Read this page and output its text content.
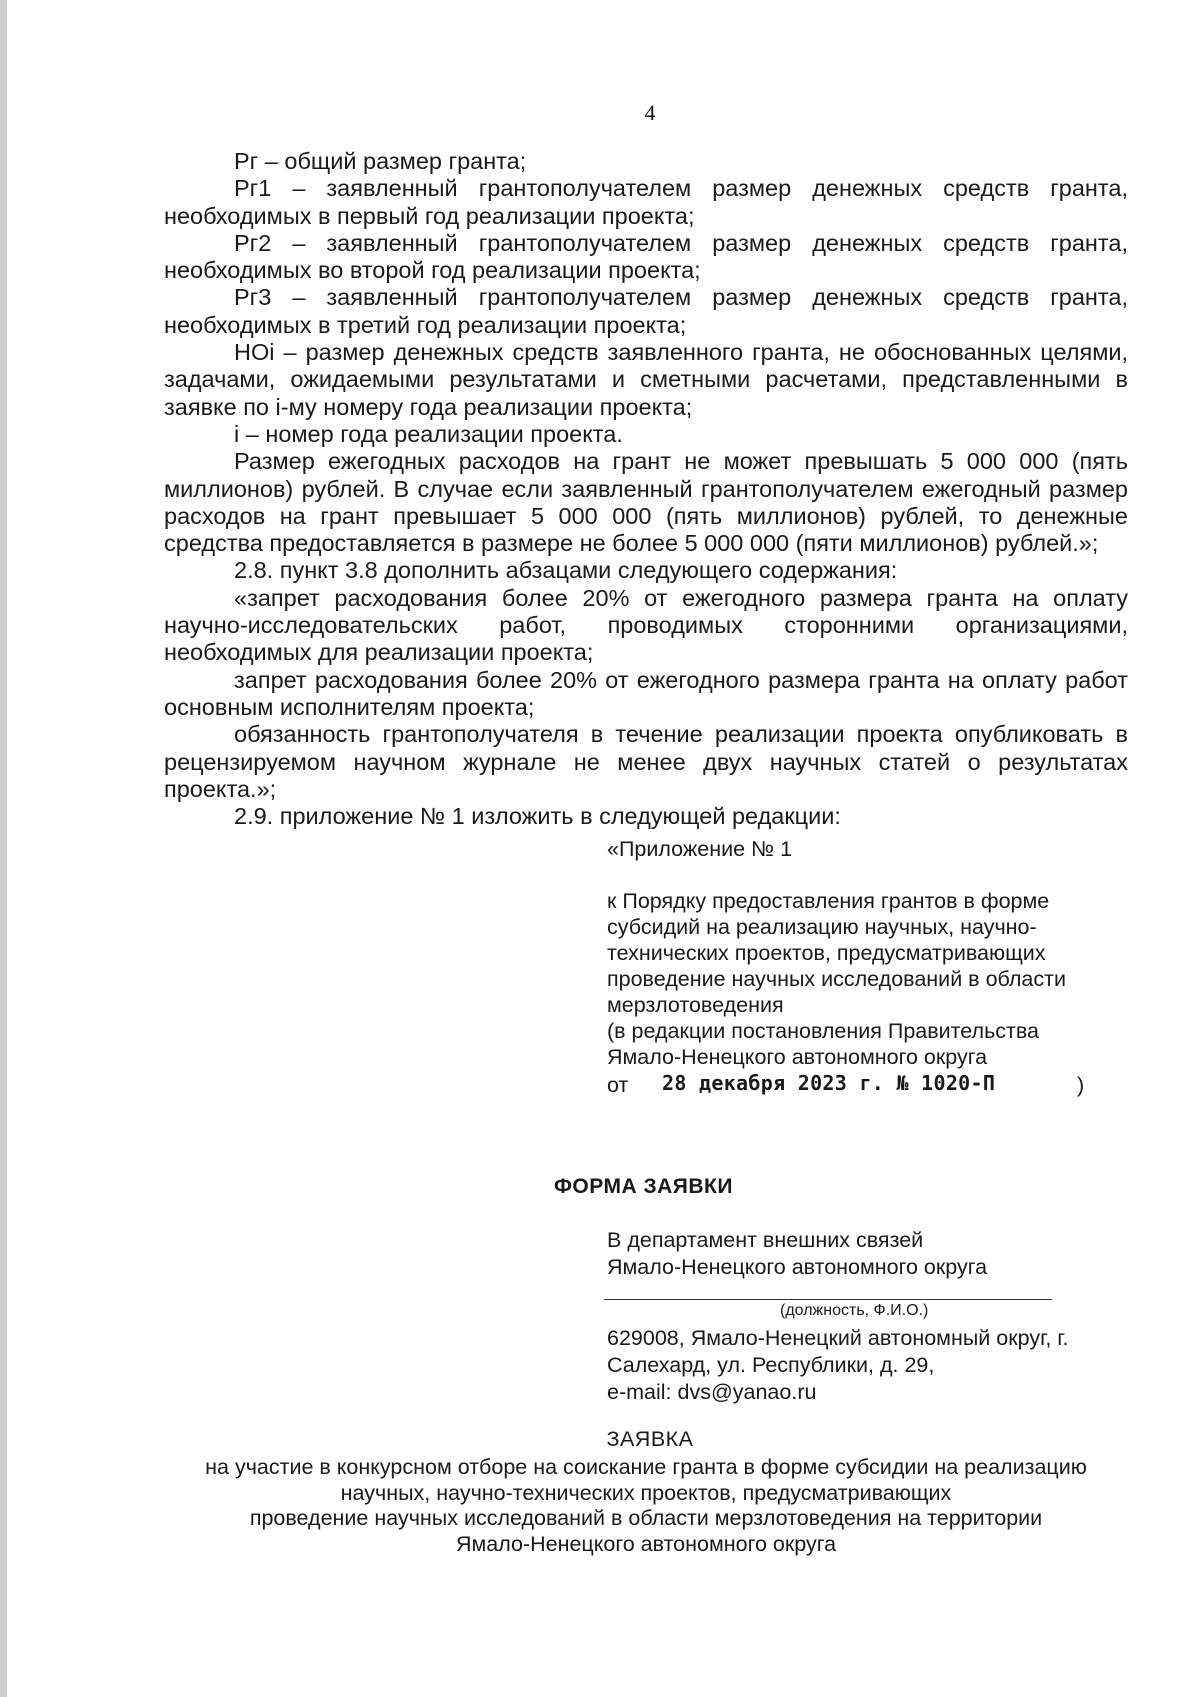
4

Рг – общий размер гранта;

Рг1 – заявленный грантополучателем размер денежных средств гранта, необходимых в первый год реализации проекта;

Рг2 – заявленный грантополучателем размер денежных средств гранта, необходимых во второй год реализации проекта;

Рг3 – заявленный грантополучателем размер денежных средств гранта, необходимых в третий год реализации проекта;

НОі – размер денежных средств заявленного гранта, не обоснованных целями, задачами, ожидаемыми результатами и сметными расчетами, представленными в заявке по і-му номеру года реализации проекта;

і – номер года реализации проекта.

Размер ежегодных расходов на грант не может превышать 5 000 000 (пять миллионов) рублей. В случае если заявленный грантополучателем ежегодный размер расходов на грант превышает 5 000 000 (пять миллионов) рублей, то денежные средства предоставляется в размере не более 5 000 000 (пяти миллионов) рублей.»;

2.8. пункт 3.8 дополнить абзацами следующего содержания:

«запрет расходования более 20% от ежегодного размера гранта на оплату научно-исследовательских работ, проводимых сторонними организациями, необходимых для реализации проекта;

запрет расходования более 20% от ежегодного размера гранта на оплату работ основным исполнителям проекта;

обязанность грантополучателя в течение реализации проекта опубликовать в рецензируемом научном журнале не менее двух научных статей о результатах проекта.»;

2.9. приложение № 1 изложить в следующей редакции:

«Приложение № 1
к Порядку предоставления грантов в форме
субсидий на реализацию научных, научно-
технических проектов, предусматривающих
проведение научных исследований в области
мерзлотоведения
(в редакции постановления Правительства
Ямало-Ненецкого автономного округа
от 28 декабря 2023 г. № 1020-П	)
ФОРМА ЗАЯВКИ
В департамент внешних связей
Ямало-Ненецкого автономного округа
(должность, Ф.И.О.)
629008, Ямало-Ненецкий автономный округ, г.
Салехард, ул. Республики, д. 29,
e-mail: dvs@yanao.ru
ЗАЯВКА
на участие в конкурсном отборе на соискание гранта в форме субсидии на реализацию
научных, научно-технических проектов, предусматривающих
проведение научных исследований в области мерзлотоведения на территории
Ямало-Ненецкого автономного округа
